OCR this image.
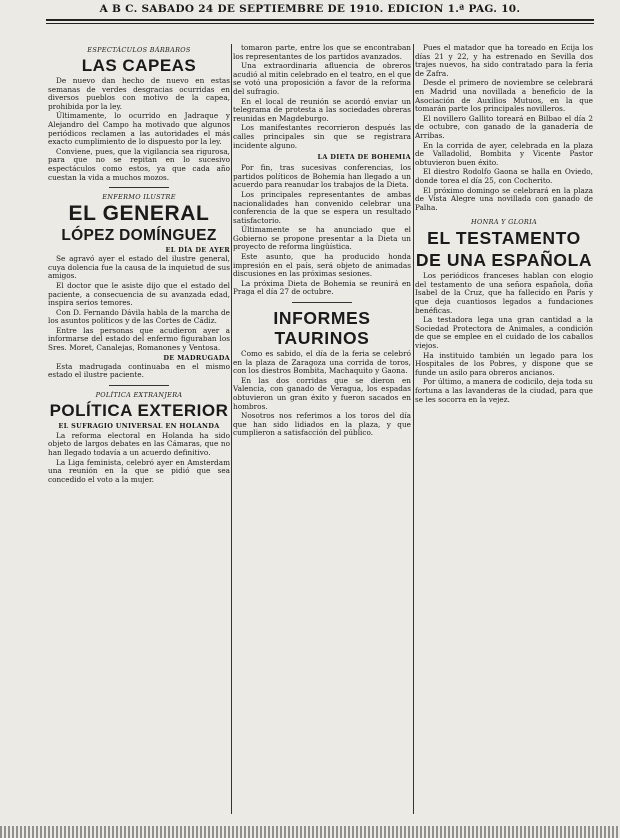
A B C. SABADO 24 DE SEPTIEMBRE DE 1910. EDICION 1.ª PAG. 10.
ESPECTÁCULOS BÁRBAROS
LAS CAPEAS

De nuevo dan hecho de nuevo en estas semanas de verdes desgracias ocurridas en diversos pueblos con motivo de la capea, prohibida por la ley.

Últimamente, lo ocurrido en Jadraque y Alejandro del Campo ha motivado que algunos periódicos reclamen a las autoridades el más exacto cumplimiento de lo dispuesto por la ley.

Conviene, pues, que la vigilancia sea rigurosa, para que no se repitan en lo sucesivo espectáculos como estos, ya que cada año cuestan la vida a muchos mozos.

ENFERMO ILUSTRE
EL GENERAL
LÓPEZ DOMÍNGUEZ
EL DÍA DE AYER

Se agravó ayer el estado del ilustre general, cuya dolencia fue la causa de la inquietud de sus amigos.

El doctor que le asiste dijo que el estado del paciente, a consecuencia de su avanzada edad, inspira serios temores.

Con D. Fernando Dávila habla de la marcha de los asuntos políticos y de las Cortes de Cádiz.

Entre las personas que acudieron ayer a informarse del estado del enfermo figuraban los Sres. Moret, Canalejas, Romanones y Ventosa.

DE MADRUGADA

Esta madrugada continuaba en el mismo estado el ilustre paciente.

POLÍTICA EXTRANJERA
POLÍTICA EXTERIOR
EL SUFRAGIO UNIVERSAL EN HOLANDA

La reforma electoral en Holanda ha sido objeto de largos debates en las Cámaras, que no han llegado todavía a un acuerdo definitivo.

La Liga feminista, celebró ayer en Amsterdam una reunión en la que se pidió que sea concedido el voto a la mujer.

tomaron parte, entre los que se encontraban los representantes de los partidos avanzados.

Una extraordinaria afluencia de obreros acudió al mitin celebrado en el teatro, en el que se votó una proposición a favor de la reforma del sufragio.

En el local de reunión se acordó enviar un telegrama de protesta a las sociedades obreras reunidas en Magdeburgo.

Los manifestantes recorrieron después las calles principales sin que se registrara incidente alguno.

LA DIETA DE BOHEMIA

Por fin, tras sucesivas conferencias, los partidos políticos de Bohemia han llegado a un acuerdo para reanudar los trabajos de la Dieta.

Los principales representantes de ambas nacionalidades han convenido celebrar una conferencia de la que se espera un resultado satisfactorio.

Últimamente se ha anunciado que el Gobierno se propone presentar a la Dieta un proyecto de reforma lingüística.

Este asunto, que ha producido honda impresión en el país, será objeto de animadas discusiones en las próximas sesiones.

La próxima Dieta de Bohemia se reunirá en Praga el día 27 de octubre.

INFORMES TAURINOS

Como es sabido, el día de la feria se celebró en la plaza de Zaragoza una corrida de toros, con los diestros Bombita, Machaquito y Gaona.

En las dos corridas que se dieron en Valencia, con ganado de Veragua, los espadas obtuvieron un gran éxito y fueron sacados en hombros.

Nosotros nos referimos a los toros del día que han sido lidiados en la plaza, y que cumplieron a satisfacción del público.

Pues el matador que ha toreado en Écija los días 21 y 22, y ha estrenado en Sevilla dos trajes nuevos, ha sido contratado para la feria de Zafra.

Desde el primero de noviembre se celebrará en Madrid una novillada a beneficio de la Asociación de Auxilios Mutuos, en la que tomarán parte los principales novilleros.

El novillero Gallito toreará en Bilbao el día 2 de octubre, con ganado de la ganadería de Arribas.

En la corrida de ayer, celebrada en la plaza de Valladolid, Bombita y Vicente Pastor obtuvieron buen éxito.

El diestro Rodolfo Gaona se halla en Oviedo, donde torea el día 25, con Cocherito.

El próximo domingo se celebrará en la plaza de Vista Alegre una novillada con ganado de Palha.

HONRA Y GLORIA
EL TESTAMENTO
DE UNA ESPAÑOLA

Los periódicos franceses hablan con elogio del testamento de una señora española, doña Isabel de la Cruz, que ha fallecido en París y que deja cuantiosos legados a fundaciones benéficas.

La testadora lega una gran cantidad a la Sociedad Protectora de Animales, a condición de que se emplee en el cuidado de los caballos viejos.

Ha instituido también un legado para los Hospitales de los Pobres, y dispone que se funde un asilo para obreros ancianos.

Por último, a manera de codicilo, deja toda su fortuna a las lavanderas de la ciudad, para que se les socorra en la vejez.
